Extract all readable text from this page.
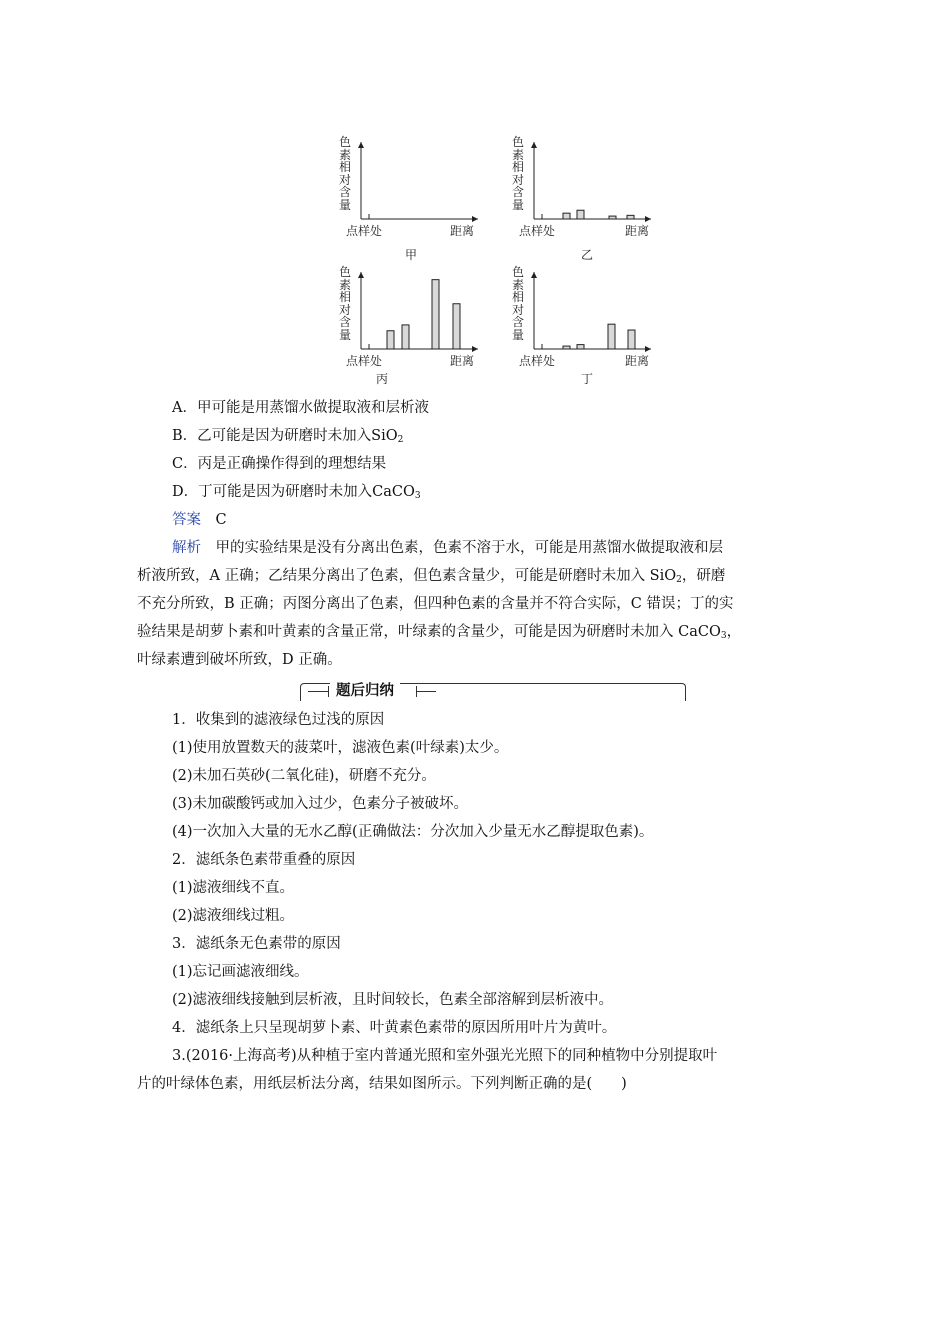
色素相对含量
点样处	距离
甲
色素相对含量
点样处	距离
乙
色素相对含量
点样处	距离
丙
色素相对含量
点样处	距离
丁
A．甲可能是用蒸馏水做提取液和层析液
B．乙可能是因为研磨时未加入SiO$_2$
C．丙是正确操作得到的理想结果
D．丁可能是因为研磨时未加入CaCO$_3$
答案　 C
解析　 甲的实验结果是没有分离出色素，色素不溶于水，可能是用蒸馏水做提取液和层
析液所致，A 正确；乙结果分离出了色素，但色素含量少，可能是研磨时未加入 SiO$_2$，研磨
不充分所致，B 正确；丙图分离出了色素，但四种色素的含量并不符合实际，C 错误；丁的实
验结果是胡萝卜素和叶黄素的含量正常，叶绿素的含量少，可能是因为研磨时未加入 CaCO$_3$，
叶绿素遭到破坏所致，D 正确。
题后归纳
1．收集到的滤液绿色过浅的原因
(1)使用放置数天的菠菜叶，滤液色素(叶绿素)太少。
(2)未加石英砂(二氧化硅)，研磨不充分。
(3)未加碳酸钙或加入过少，色素分子被破坏。
(4)一次加入大量的无水乙醇(正确做法：分次加入少量无水乙醇提取色素)。
2．滤纸条色素带重叠的原因
(1)滤液细线不直。
(2)滤液细线过粗。
3．滤纸条无色素带的原因
(1)忘记画滤液细线。
(2)滤液细线接触到层析液，且时间较长，色素全部溶解到层析液中。
4．滤纸条上只呈现胡萝卜素、叶黄素色素带的原因所用叶片为黄叶。
3.(2016·上海高考)从种植于室内普通光照和室外强光光照下的同种植物中分别提取叶
片的叶绿体色素，用纸层析法分离，结果如图所示。下列判断正确的是(　　)
